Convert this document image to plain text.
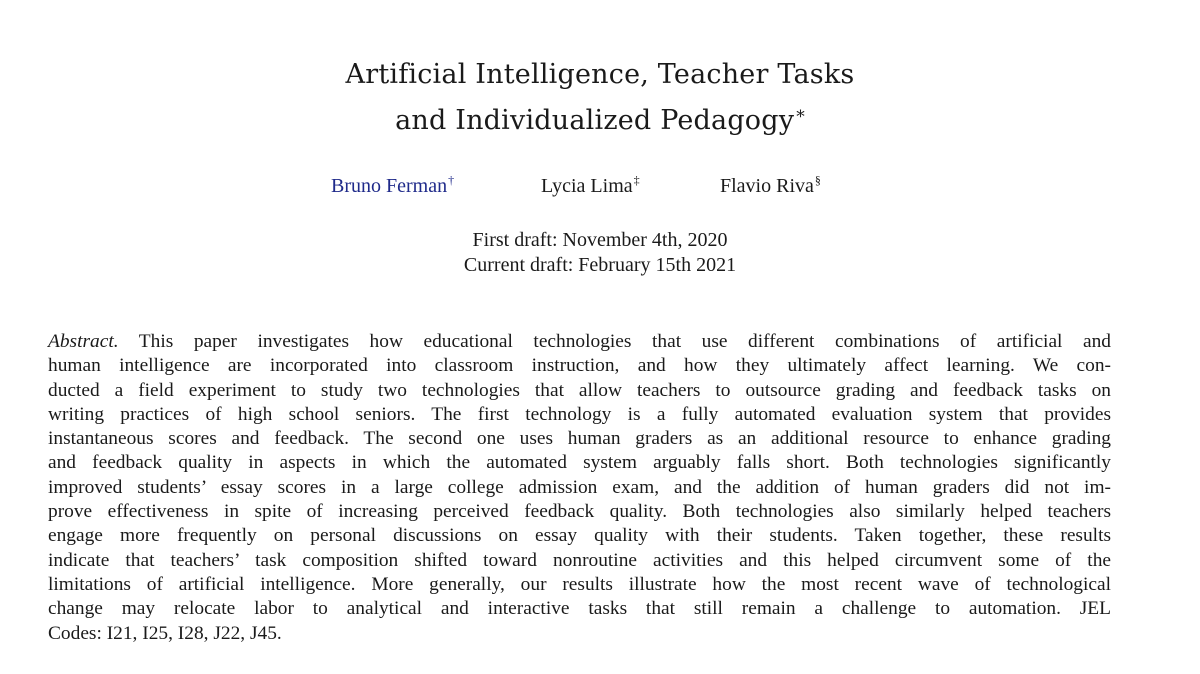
Artificial Intelligence, Teacher Tasks
and Individualized Pedagogy *
Bruno Ferman†	Lycia Lima‡	Flavio Riva§
First draft: November 4th, 2020
Current draft: February 15th 2021
Abstract. This paper investigates how educational technologies that use different combinations of artificial and
human intelligence are incorporated into classroom instruction, and how they ultimately affect learning. We con-
ducted a field experiment to study two technologies that allow teachers to outsource grading and feedback tasks on
writing practices of high school seniors. The first technology is a fully automated evaluation system that provides
instantaneous scores and feedback. The second one uses human graders as an additional resource to enhance grading
and feedback quality in aspects in which the automated system arguably falls short. Both technologies significantly
improved students’ essay scores in a large college admission exam, and the addition of human graders did not im-
prove effectiveness in spite of increasing perceived feedback quality. Both technologies also similarly helped teachers
engage more frequently on personal discussions on essay quality with their students. Taken together, these results
indicate that teachers’ task composition shifted toward nonroutine activities and this helped circumvent some of the
limitations of artificial intelligence. More generally, our results illustrate how the most recent wave of technological
change may relocate labor to analytical and interactive tasks that still remain a challenge to automation. JEL
Codes: I21, I25, I28, J22, J45.
